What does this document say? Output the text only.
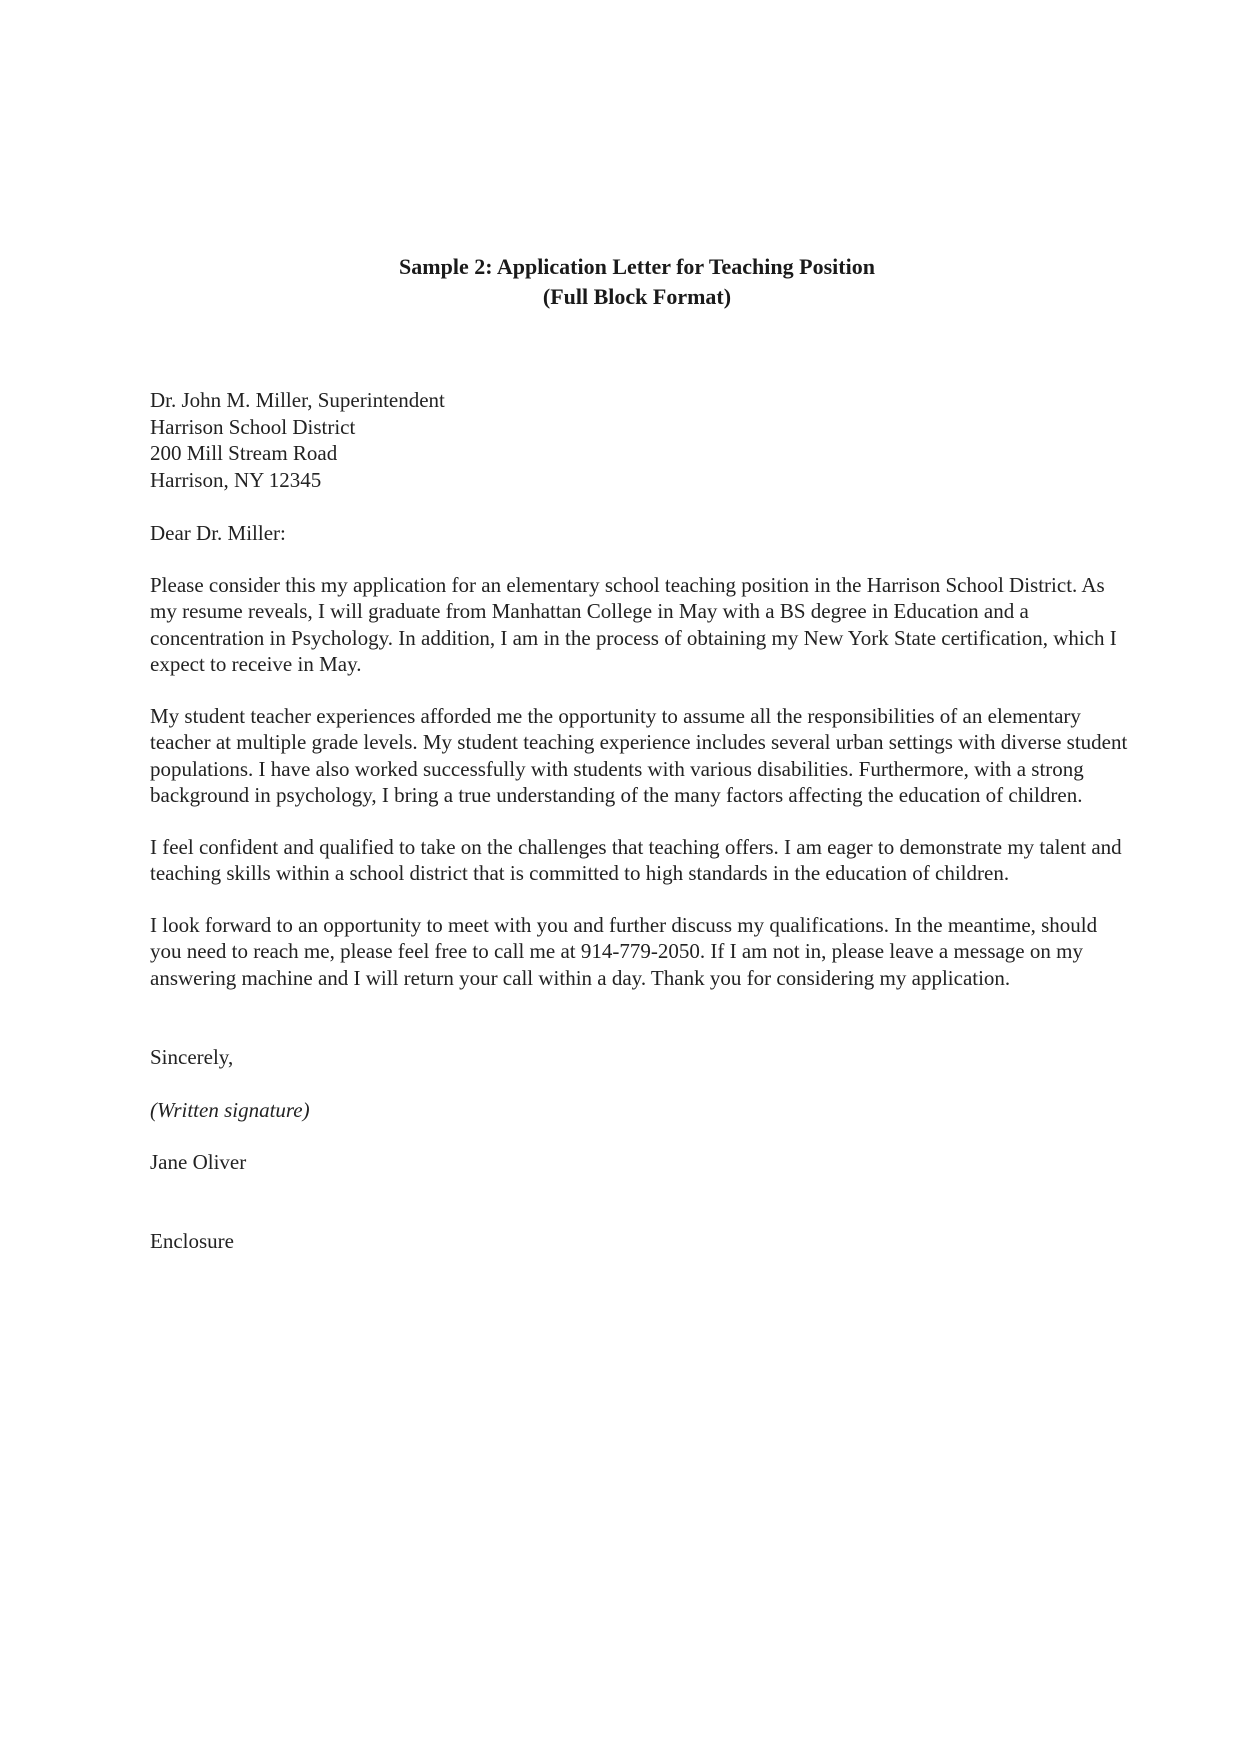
Sample 2: Application Letter for Teaching Position
(Full Block Format)
Dr. John M. Miller, Superintendent
Harrison School District
200 Mill Stream Road
Harrison, NY 12345
Dear Dr. Miller:
Please consider this my application for an elementary school teaching position in the Harrison School District. As my resume reveals, I will graduate from Manhattan College in May with a BS degree in Education and a concentration in Psychology. In addition, I am in the process of obtaining my New York State certification, which I expect to receive in May.
My student teacher experiences afforded me the opportunity to assume all the responsibilities of an elementary teacher at multiple grade levels. My student teaching experience includes several urban settings with diverse student populations. I have also worked successfully with students with various disabilities. Furthermore, with a strong background in psychology, I bring a true understanding of the many factors affecting the education of children.
I feel confident and qualified to take on the challenges that teaching offers. I am eager to demonstrate my talent and teaching skills within a school district that is committed to high standards in the education of children.
I look forward to an opportunity to meet with you and further discuss my qualifications. In the meantime, should you need to reach me, please feel free to call me at 914-779-2050. If I am not in, please leave a message on my answering machine and I will return your call within a day. Thank you for considering my application.
Sincerely,
(Written signature)
Jane Oliver
Enclosure
